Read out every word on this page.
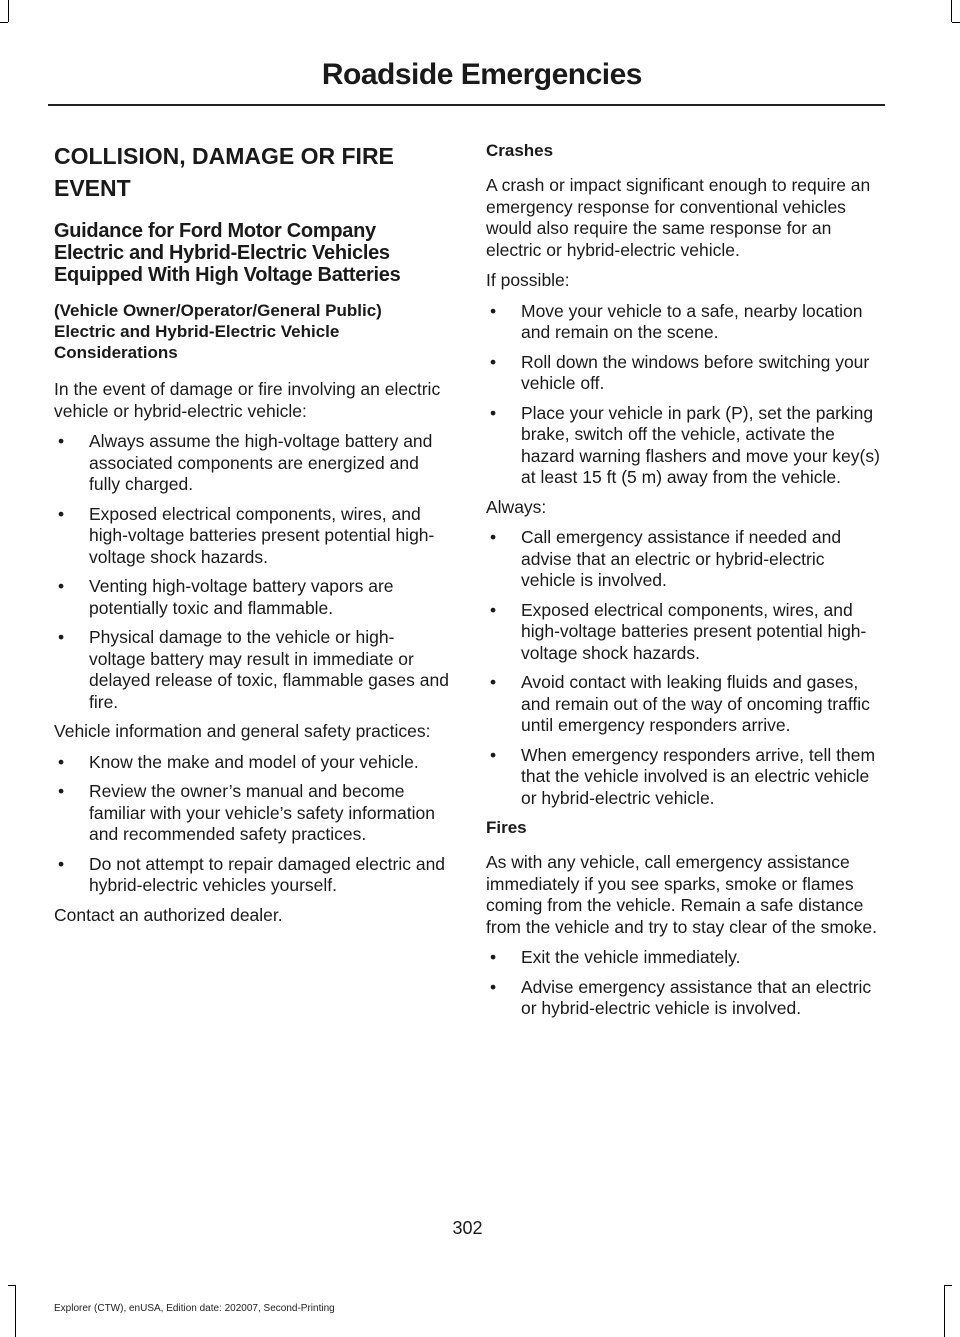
Roadside Emergencies
COLLISION, DAMAGE OR FIRE EVENT
Guidance for Ford Motor Company Electric and Hybrid-Electric Vehicles Equipped With High Voltage Batteries
(Vehicle Owner/Operator/General Public)
Electric and Hybrid-Electric Vehicle Considerations

In the event of damage or fire involving an electric vehicle or hybrid-electric vehicle:

• Always assume the high-voltage battery and associated components are energized and fully charged.
• Exposed electrical components, wires, and high-voltage batteries present potential high-voltage shock hazards.
• Venting high-voltage battery vapors are potentially toxic and flammable.
• Physical damage to the vehicle or high-voltage battery may result in immediate or delayed release of toxic, flammable gases and fire.

Vehicle information and general safety practices:

• Know the make and model of your vehicle.
• Review the owner’s manual and become familiar with your vehicle’s safety information and recommended safety practices.
• Do not attempt to repair damaged electric and hybrid-electric vehicles yourself.

Contact an authorized dealer.

Crashes

A crash or impact significant enough to require an emergency response for conventional vehicles would also require the same response for an electric or hybrid-electric vehicle.

If possible:

• Move your vehicle to a safe, nearby location and remain on the scene.
• Roll down the windows before switching your vehicle off.
• Place your vehicle in park (P), set the parking brake, switch off the vehicle, activate the hazard warning flashers and move your key(s) at least 15 ft (5 m) away from the vehicle.

Always:

• Call emergency assistance if needed and advise that an electric or hybrid-electric vehicle is involved.
• Exposed electrical components, wires, and high-voltage batteries present potential high-voltage shock hazards.
• Avoid contact with leaking fluids and gases, and remain out of the way of oncoming traffic until emergency responders arrive.
• When emergency responders arrive, tell them that the vehicle involved is an electric vehicle or hybrid-electric vehicle.
Fires

As with any vehicle, call emergency assistance immediately if you see sparks, smoke or flames coming from the vehicle. Remain a safe distance from the vehicle and try to stay clear of the smoke.

• Exit the vehicle immediately.
• Advise emergency assistance that an electric or hybrid-electric vehicle is involved.
302
Explorer (CTW), enUSA, Edition date: 202007, Second-Printing
